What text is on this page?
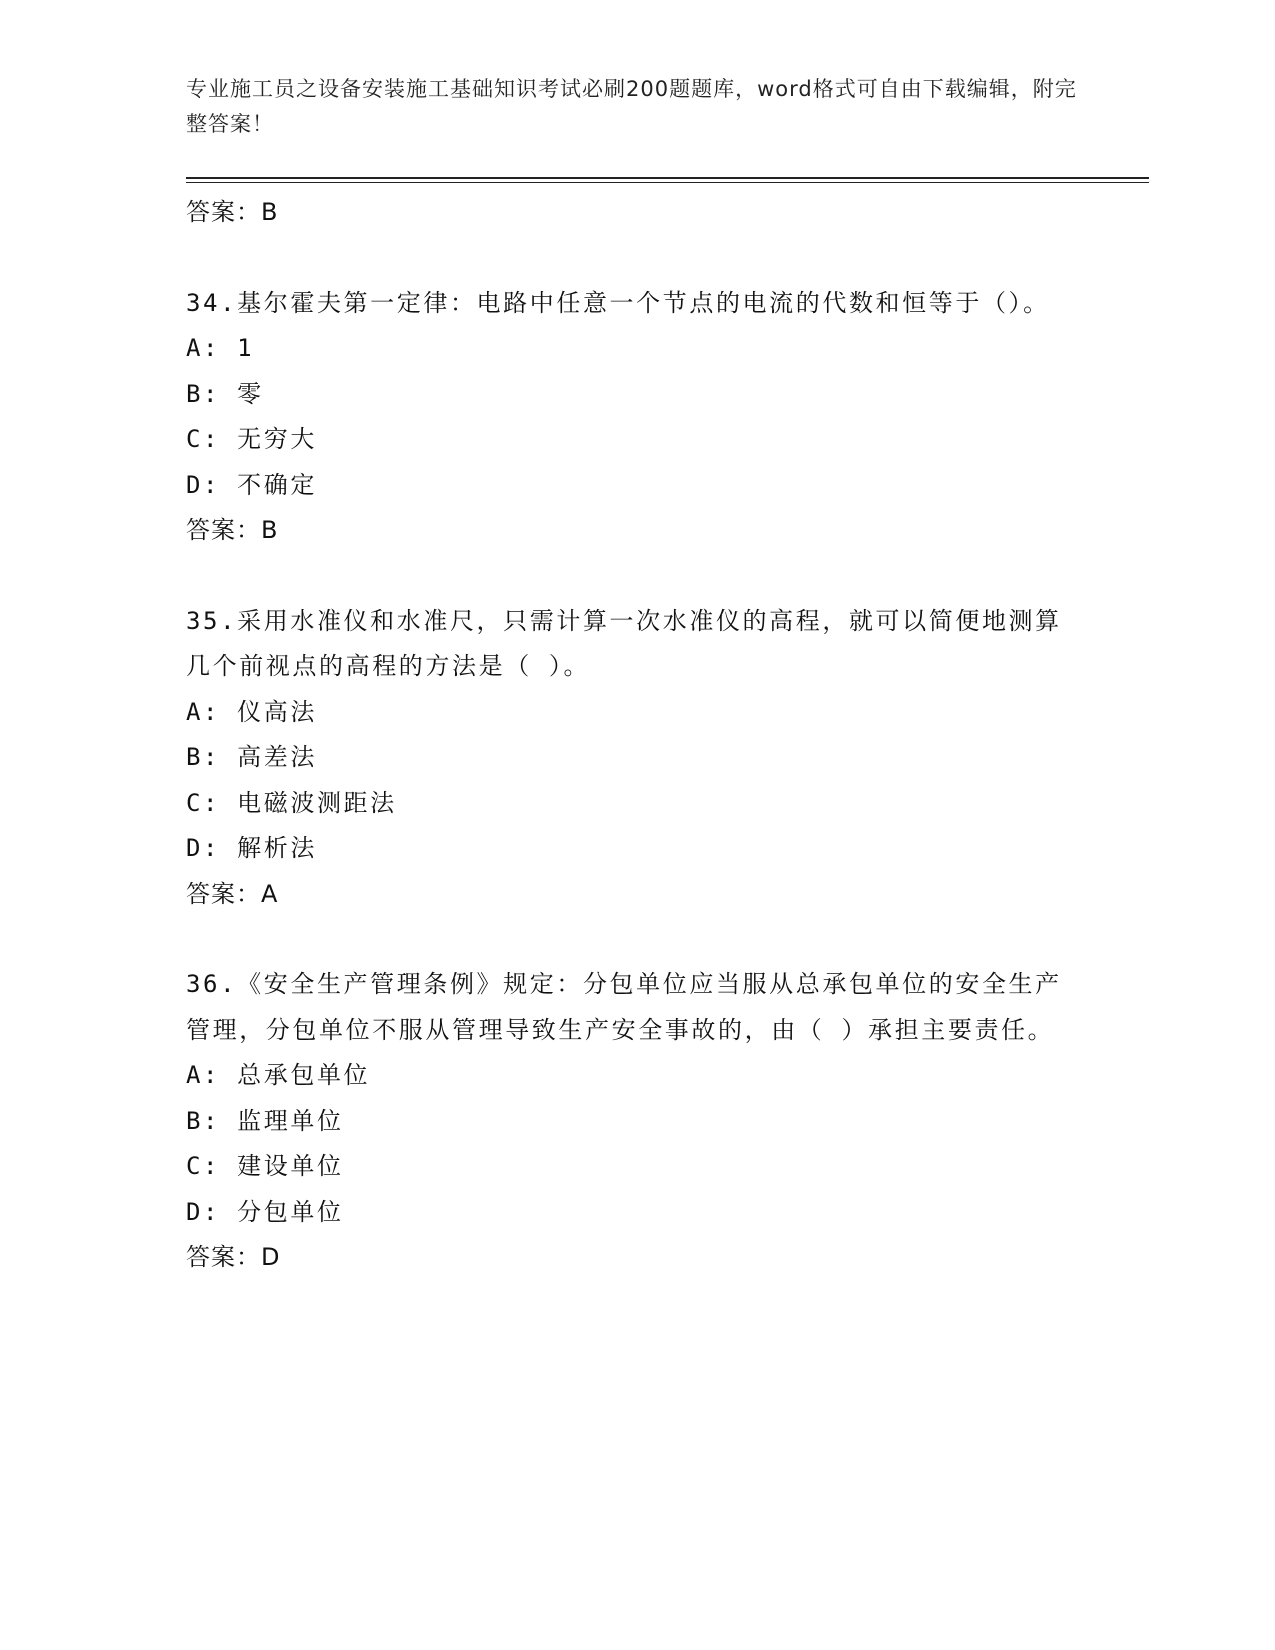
专业施工员之设备安装施工基础知识考试必刷200题题库，word格式可自由下载编辑，附完整答案！
答案：B
34.基尔霍夫第一定律：电路中任意一个节点的电流的代数和恒等于（）。
A: 1
B: 零
C: 无穷大
D: 不确定
答案：B
35.采用水准仪和水准尺，只需计算一次水准仪的高程，就可以简便地测算几个前视点的高程的方法是（ ）。
A: 仪高法
B: 高差法
C: 电磁波测距法
D: 解析法
答案：A
36.《安全生产管理条例》规定：分包单位应当服从总承包单位的安全生产管理，分包单位不服从管理导致生产安全事故的，由（ ）承担主要责任。
A: 总承包单位
B: 监理单位
C: 建设单位
D: 分包单位
答案：D
